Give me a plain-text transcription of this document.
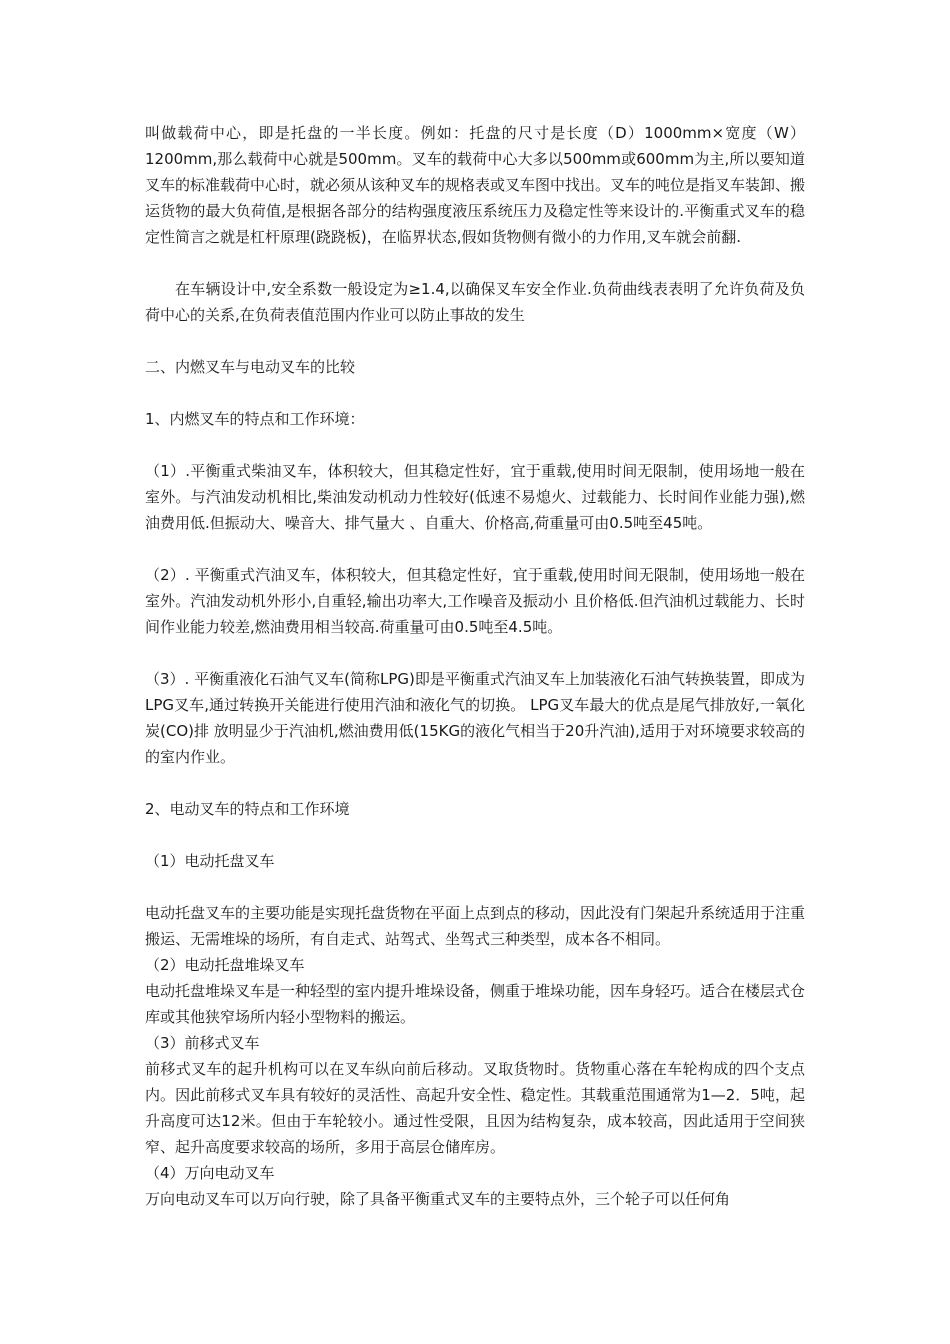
叫做载荷中心，即是托盘的一半长度。例如：托盘的尺寸是长度（D）1000mm×宽度（W）1200mm,那么载荷中心就是500mm。叉车的载荷中心大多以500mm或600mm为主,所以要知道叉车的标准载荷中心时，就必须从该种叉车的规格表或叉车图中找出。叉车的吨位是指叉车装卸、搬运货物的最大负荷值,是根据各部分的结构强度液压系统压力及稳定性等来设计的.平衡重式叉车的稳定性简言之就是杠杆原理(跷跷板)，在临界状态,假如货物侧有微小的力作用,叉车就会前翻.

在车辆设计中,安全系数一般设定为≥1.4,以确保叉车安全作业.负荷曲线表表明了允许负荷及负荷中心的关系,在负荷表值范围内作业可以防止事故的发生

二、内燃叉车与电动叉车的比较

1、内燃叉车的特点和工作环境：

（1）.平衡重式柴油叉车，体积较大，但其稳定性好，宜于重载,使用时间无限制，使用场地一般在室外。与汽油发动机相比,柴油发动机动力性较好(低速不易熄火、过载能力、长时间作业能力强),燃油费用低.但振动大、噪音大、排气量大 、自重大、价格高,荷重量可由0.5吨至45吨。

（2）. 平衡重式汽油叉车，体积较大，但其稳定性好，宜于重载,使用时间无限制，使用场地一般在室外。汽油发动机外形小,自重轻,输出功率大,工作噪音及振动小 且价格低.但汽油机过载能力、长时间作业能力较差,燃油费用相当较高.荷重量可由0.5吨至4.5吨。

（3）. 平衡重液化石油气叉车(简称LPG)即是平衡重式汽油叉车上加装液化石油气转换装置，即成为LPG叉车,通过转换开关能进行使用汽油和液化气的切换。 LPG叉车最大的优点是尾气排放好,一氧化炭(CO)排 放明显少于汽油机,燃油费用低(15KG的液化气相当于20升汽油),适用于对环境要求较高的的室内作业。

2、电动叉车的特点和工作环境

（1）电动托盘叉车

电动托盘叉车的主要功能是实现托盘货物在平面上点到点的移动，因此没有门架起升系统适用于注重搬运、无需堆垛的场所，有自走式、站驾式、坐驾式三种类型，成本各不相同。

（2）电动托盘堆垛叉车

电动托盘堆垛叉车是一种轻型的室内提升堆垛设备，侧重于堆垛功能，因车身轻巧。适合在楼层式仓库或其他狭窄场所内轻小型物料的搬运。

（3）前移式叉车

前移式叉车的起升机构可以在叉车纵向前后移动。叉取货物时。货物重心落在车轮构成的四个支点内。因此前移式叉车具有较好的灵活性、高起升安全性、稳定性。其载重范围通常为1—2．5吨，起升高度可达12米。但由于车轮较小。通过性受限，且因为结构复杂，成本较高，因此适用于空间狭窄、起升高度要求较高的场所，多用于高层仓储库房。

（4）万向电动叉车

万向电动叉车可以万向行驶，除了具备平衡重式叉车的主要特点外，三个轮子可以任何角
